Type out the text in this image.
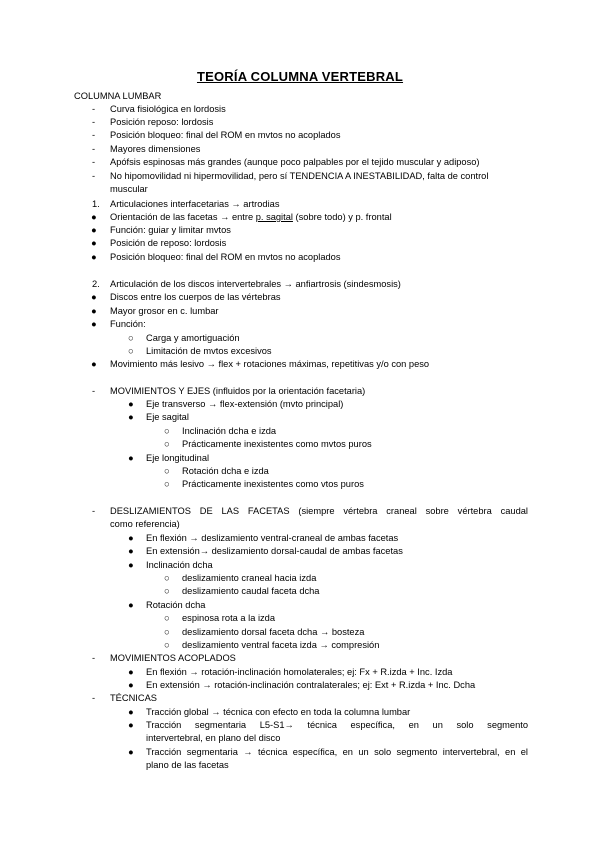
TEORÍA COLUMNA VERTEBRAL
COLUMNA LUMBAR
- Curva fisiológica en lordosis
- Posición reposo: lordosis
- Posición bloqueo: final del ROM en mvtos no acoplados
- Mayores dimensiones
- Apófsis espinosas más grandes (aunque poco palpables por el tejido muscular y adiposo)
- No hipomovilidad ni hipermovilidad, pero sí TENDENCIA A INESTABILIDAD, falta de control
muscular
1. Articulaciones interfacetarias → artrodias
● Orientación de las facetas → entre p. sagital (sobre todo) y p. frontal
● Función: guiar y limitar mvtos
● Posición de reposo: lordosis
● Posición bloqueo: final del ROM en mvtos no acoplados
2. Articulación de los discos intervertebrales → anfiartrosis (sindesmosis)
● Discos entre los cuerpos de las vértebras
● Mayor grosor en c. lumbar
● Función:
○ Carga y amortiguación
○ Limitación de mvtos excesivos
● Movimiento más lesivo → flex + rotaciones máximas, repetitivas y/o con peso
- MOVIMIENTOS Y EJES (influidos por la orientación facetaria)
● Eje transverso → flex-extensión (mvto principal)
● Eje sagital
○ Inclinación dcha e izda
○ Prácticamente inexistentes como mvtos puros
● Eje longitudinal
○ Rotación dcha e izda
○ Prácticamente inexistentes como vtos puros
- DESLIZAMIENTOS DE LAS FACETAS (siempre vértebra craneal sobre vértebra caudal
como referencia)
● En flexión → deslizamiento ventral-craneal de ambas facetas
● En extensión→ deslizamiento dorsal-caudal de ambas facetas
● Inclinación dcha
○ deslizamiento craneal hacia izda
○ deslizamiento caudal faceta dcha
● Rotación dcha
○ espinosa rota a la izda
○ deslizamiento dorsal faceta dcha → bosteza
○ deslizamiento ventral faceta izda → compresión
- MOVIMIENTOS ACOPLADOS
● En flexión → rotación-inclinación homolaterales; ej: Fx + R.izda + Inc. Izda
● En extensión → rotación-inclinación contralaterales; ej: Ext + R.izda + Inc. Dcha
- TÉCNICAS
● Tracción global → técnica con efecto en toda la columna lumbar
● Tracción segmentaria L5-S1→ técnica específica, en un solo segmento
intervertebral, en plano del disco
● Tracción segmentaria → técnica específica, en un solo segmento intervertebral, en el
plano de las facetas
